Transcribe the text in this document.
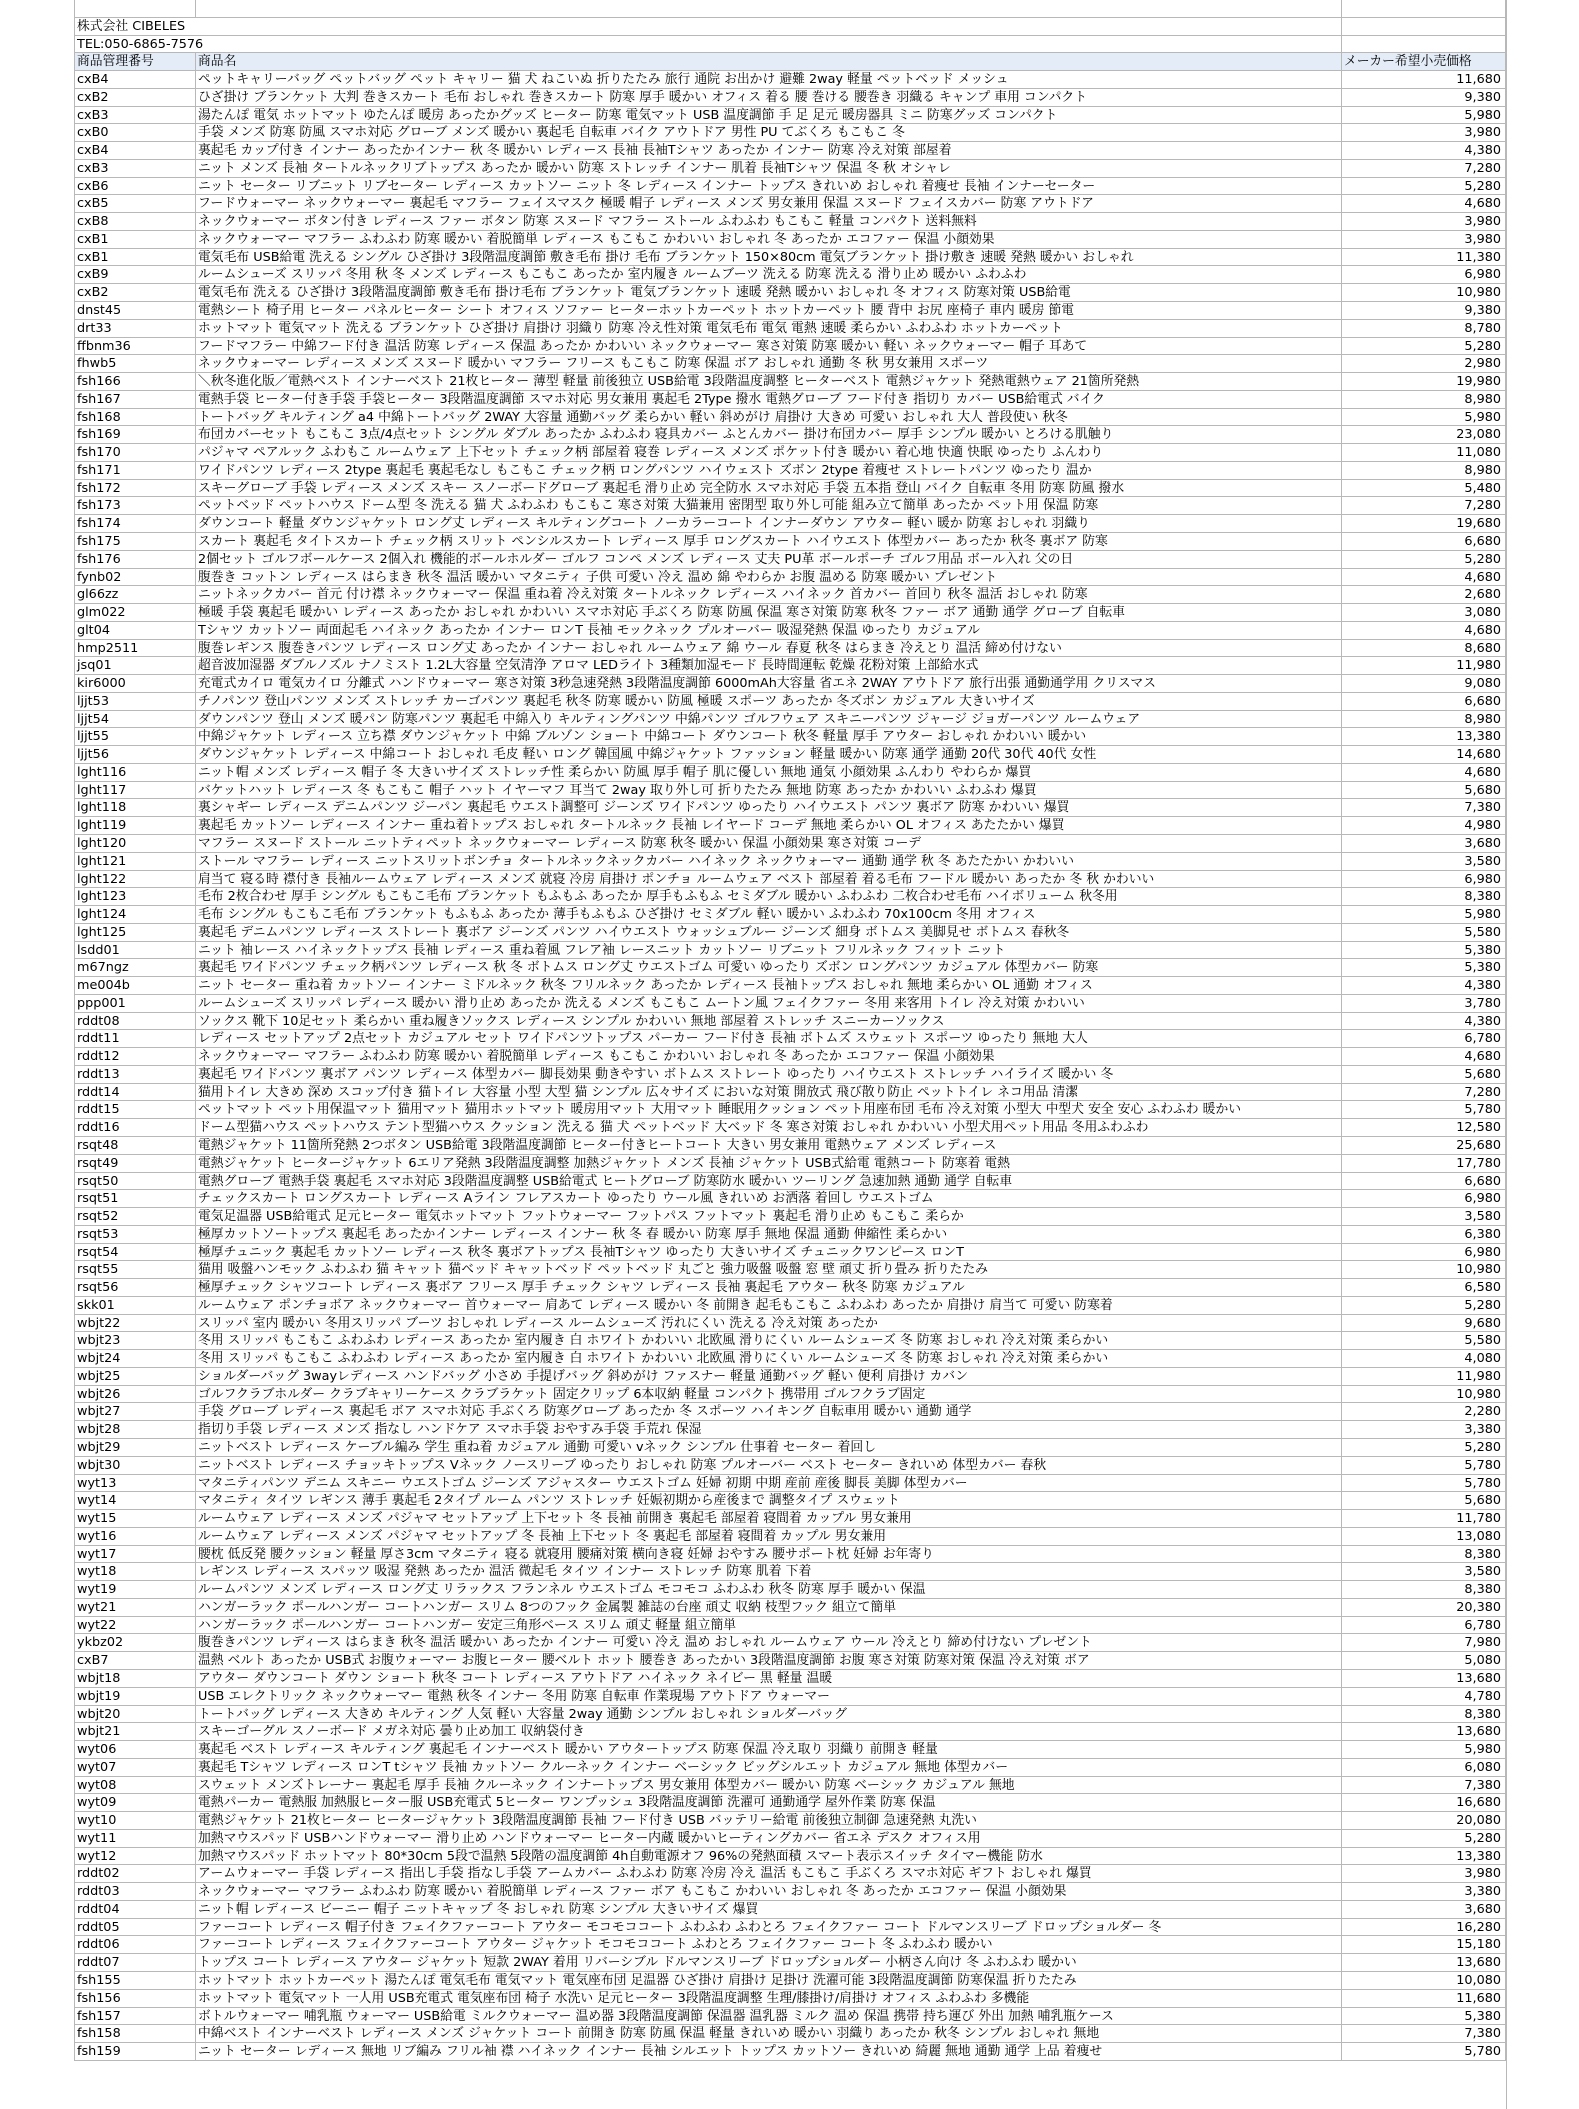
株式会社 CIBELES
TEL:050-6865-7576
商品管理番号	商品名	メーカー希望小売価格
cxB4	ペットキャリーバッグ ペットバッグ ペット キャリー 猫 犬 ねこいぬ 折りたたみ 旅行 通院 お出かけ 避難 2way 軽量 ペットベッド メッシュ	11,680
cxB2	ひざ掛け ブランケット 大判 巻きスカート 毛布 おしゃれ 巻きスカート 防寒 厚手 暖かい オフィス 着る 腰 巻ける 腰巻き 羽織る キャンプ 車用 コンパクト	9,380
cxB3	湯たんぽ 電気 ホットマット ゆたんぽ 暖房 あったかグッズ ヒーター 防寒 電気マット USB 温度調節 手 足 足元 暖房器具 ミニ 防寒グッズ コンパクト	5,980
cxB0	手袋 メンズ 防寒 防風 スマホ対応 グローブ メンズ 暖かい 裏起毛 自転車 バイク アウトドア 男性 PU てぶくろ もこもこ 冬	3,980
cxB4	裏起毛 カップ付き インナー あったかインナー 秋 冬 暖かい レディース 長袖 長袖Tシャツ あったか インナー 防寒 冷え対策 部屋着	4,380
cxB3	ニット メンズ 長袖 タートルネックリブトップス あったか 暖かい 防寒 ストレッチ インナー 肌着 長袖Tシャツ 保温 冬 秋 オシャレ	7,280
cxB6	ニット セーター リブニット リブセーター レディース カットソー ニット 冬 レディース インナー トップス きれいめ おしゃれ 着痩せ 長袖 インナーセーター	5,280
cxB5	フードウォーマー ネックウォーマー 裏起毛 マフラー フェイスマスク 極暖 帽子 レディース メンズ 男女兼用 保温 スヌード フェイスカバー 防寒 アウトドア	4,680
cxB8	ネックウォーマー ボタン付き レディース ファー ボタン 防寒 スヌード マフラー ストール ふわふわ もこもこ 軽量 コンパクト 送料無料	3,980
cxB1	ネックウォーマー マフラー ふわふわ 防寒 暖かい 着脱簡単 レディース もこもこ かわいい おしゃれ 冬 あったか エコファー 保温 小顔効果	3,980
cxB1	電気毛布 USB給電 洗える シングル ひざ掛け 3段階温度調節 敷き毛布 掛け 毛布 ブランケット 150×80cm 電気ブランケット 掛け敷き 速暖 発熱 暖かい おしゃれ	11,380
cxB9	ルームシューズ スリッパ 冬用 秋 冬 メンズ レディース もこもこ あったか 室内履き ルームブーツ 洗える 防寒 洗える 滑り止め 暖かい ふわふわ	6,980
cxB2	電気毛布 洗える ひざ掛け 3段階温度調節 敷き毛布 掛け毛布 ブランケット 電気ブランケット 速暖 発熱 暖かい おしゃれ 冬 オフィス 防寒対策 USB給電	10,980
dnst45	電熱シート 椅子用 ヒーター パネルヒーター シート オフィス ソファー ヒーターホットカーペット ホットカーペット 腰 背中 お尻 座椅子 車内 暖房 節電	9,380
drt33	ホットマット 電気マット 洗える ブランケット ひざ掛け 肩掛け 羽織り 防寒 冷え性対策 電気毛布 電気 電熱 速暖 柔らかい ふわふわ ホットカーペット	8,780
ffbnm36	フードマフラー 中綿フード付き 温活 防寒 レディース 保温 あったか かわいい ネックウォーマー 寒さ対策 防寒 暖かい 軽い ネックウォーマー 帽子 耳あて	5,280
fhwb5	ネックウォーマー レディース メンズ スヌード 暖かい マフラー フリース もこもこ 防寒 保温 ボア おしゃれ 通勤 冬 秋 男女兼用 スポーツ	2,980
fsh166	＼秋冬進化版／電熱ベスト インナーベスト 21枚ヒーター 薄型 軽量 前後独立 USB給電 3段階温度調整 ヒーターベスト 電熱ジャケット 発熱電熱ウェア 21箇所発熱	19,980
fsh167	電熱手袋 ヒーター付き手袋 手袋ヒーター 3段階温度調節 スマホ対応 男女兼用 裏起毛 2Type 撥水 電熱グローブ フード付き 指切り カバー USB給電式 バイク	8,980
fsh168	トートバッグ キルティング a4 中綿トートバッグ 2WAY 大容量 通勤バッグ 柔らかい 軽い 斜めがけ 肩掛け 大きめ 可愛い おしゃれ 大人 普段使い 秋冬	5,980
fsh169	布団カバーセット もこもこ 3点/4点セット シングル ダブル あったか ふわふわ 寝具カバー ふとんカバー 掛け布団カバー 厚手 シンプル 暖かい とろける肌触り	23,080
fsh170	パジャマ ペアルック ふわもこ ルームウェア 上下セット チェック柄 部屋着 寝巻 レディース メンズ ポケット付き 暖かい 着心地 快適 快眠 ゆったり ふんわり	11,080
fsh171	ワイドパンツ レディース 2type 裏起毛 裏起毛なし もこもこ チェック柄 ロングパンツ ハイウェスト ズボン 2type 着痩せ ストレートパンツ ゆったり 温か	8,980
fsh172	スキーグローブ 手袋 レディース メンズ スキー スノーボードグローブ 裏起毛 滑り止め 完全防水 スマホ対応 手袋 五本指 登山 バイク 自転車 冬用 防寒 防風 撥水	5,480
fsh173	ペットベッド ペットハウス ドーム型 冬 洗える 猫 犬 ふわふわ もこもこ 寒さ対策 大猫兼用 密閉型 取り外し可能 組み立て簡単 あったか ペット用 保温 防寒	7,280
fsh174	ダウンコート 軽量 ダウンジャケット ロング丈 レディース キルティングコート ノーカラーコート インナーダウン アウター 軽い 暖か 防寒 おしゃれ 羽織り	19,680
fsh175	スカート 裏起毛 タイトスカート チェック柄 スリット ペンシルスカート レディース 厚手 ロングスカート ハイウエスト 体型カバー あったか 秋冬 裏ボア 防寒	6,680
fsh176	2個セット ゴルフボールケース 2個入れ 機能的ボールホルダー ゴルフ コンペ メンズ レディース 丈夫 PU革 ボールポーチ ゴルフ用品 ボール入れ 父の日	5,280
fynb02	腹巻き コットン レディース はらまき 秋冬 温活 暖かい マタニティ 子供 可愛い 冷え 温め 綿 やわらか お腹 温める 防寒 暖かい プレゼント	4,680
gl66zz	ニットネックカバー 首元 付け襟 ネックウォーマー 保温 重ね着 冷え対策 タートルネック レディース ハイネック 首カバー 首回り 秋冬 温活 おしゃれ 防寒	2,680
glm022	極暖 手袋 裏起毛 暖かい レディース あったか おしゃれ かわいい スマホ対応 手ぶくろ 防寒 防風 保温 寒さ対策 防寒 秋冬 ファー ボア 通勤 通学 グローブ 自転車	3,080
glt04	Tシャツ カットソー 両面起毛 ハイネック あったか インナー ロンT 長袖 モックネック プルオーバー 吸湿発熱 保温 ゆったり カジュアル	4,680
hmp2511	腹巻レギンス 腹巻きパンツ レディース ロング丈 あったか インナー おしゃれ ルームウェア 綿 ウール 春夏 秋冬 はらまき 冷えとり 温活 締め付けない	8,680
jsq01	超音波加湿器 ダブルノズル ナノミスト 1.2L大容量 空気清浄 アロマ LEDライト 3種類加湿モード 長時間運転 乾燥 花粉対策 上部給水式	11,980
kir6000	充電式カイロ 電気カイロ 分離式 ハンドウォーマー 寒さ対策 3秒急速発熱 3段階温度調節 6000mAh大容量 省エネ 2WAY アウトドア 旅行出張 通勤通学用 クリスマス	9,080
ljjt53	チノパンツ 登山パンツ メンズ ストレッチ カーゴパンツ 裏起毛 秋冬 防寒 暖かい 防風 極暖 スポーツ あったか 冬ズボン カジュアル 大きいサイズ	6,680
ljjt54	ダウンパンツ 登山 メンズ 暖パン 防寒パンツ 裏起毛 中綿入り キルティングパンツ 中綿パンツ ゴルフウェア スキニーパンツ ジャージ ジョガーパンツ ルームウェア	8,980
ljjt55	中綿ジャケット レディース 立ち襟 ダウンジャケット 中綿 ブルゾン ショート 中綿コート ダウンコート 秋冬 軽量 厚手 アウター おしゃれ かわいい 暖かい	13,380
ljjt56	ダウンジャケット レディース 中綿コート おしゃれ 毛皮 軽い ロング 韓国風 中綿ジャケット ファッション 軽量 暖かい 防寒 通学 通勤 20代 30代 40代 女性	14,680
lght116	ニット帽 メンズ レディース 帽子 冬 大きいサイズ ストレッチ性 柔らかい 防風 厚手 帽子 肌に優しい 無地 通気 小顔効果 ふんわり やわらか 爆買	4,680
lght117	バケットハット レディース 冬 もこもこ 帽子 ハット イヤーマフ 耳当て 2way 取り外し可 折りたたみ 無地 防寒 あったか かわいい ふわふわ 爆買	5,680
lght118	裏シャギー レディース デニムパンツ ジーパン 裏起毛 ウエスト調整可 ジーンズ ワイドパンツ ゆったり ハイウエスト パンツ 裏ボア 防寒 かわいい 爆買	7,380
lght119	裏起毛 カットソー レディース インナー 重ね着トップス おしゃれ タートルネック 長袖 レイヤード コーデ 無地 柔らかい OL オフィス あたたかい 爆買	4,980
lght120	マフラー スヌード ストール ニットティペット ネックウォーマー レディース 防寒 秋冬 暖かい 保温 小顔効果 寒さ対策 コーデ	3,680
lght121	ストール マフラー レディース ニットスリットボンチョ タートルネックネックカバー ハイネック ネックウォーマー 通勤 通学 秋 冬 あたたかい かわいい	3,580
lght122	肩当て 寝る時 襟付き 長袖ルームウェア レディース メンズ 就寝 冷房 肩掛け ポンチョ ルームウェア ベスト 部屋着 着る毛布 フードル 暖かい あったか 冬 秋 かわいい	6,980
lght123	毛布 2枚合わせ 厚手 シングル もこもこ毛布 ブランケット もふもふ あったか 厚手もふもふ セミダブル 暖かい ふわふわ 二枚合わせ毛布 ハイボリューム 秋冬用	8,380
lght124	毛布 シングル もこもこ毛布 ブランケット もふもふ あったか 薄手もふもふ ひざ掛け セミダブル 軽い 暖かい ふわふわ 70x100cm 冬用 オフィス	5,980
lght125	裏起毛 デニムパンツ レディース ストレート 裏ボア ジーンズ パンツ ハイウエスト ウォッシュブルー ジーンズ 細身 ボトムス 美脚見せ ボトムス 春秋冬	5,580
lsdd01	ニット 袖レース ハイネックトップス 長袖 レディース 重ね着風 フレア袖 レースニット カットソー リブニット フリルネック フィット ニット	5,380
m67ngz	裏起毛 ワイドパンツ チェック柄パンツ レディース 秋 冬 ボトムス ロング丈 ウエストゴム 可愛い ゆったり ズボン ロングパンツ カジュアル 体型カバー 防寒	5,380
me004b	ニット セーター 重ね着 カットソー インナー ミドルネック 秋冬 フリルネック あったか レディース 長袖トップス おしゃれ 無地 柔らかい OL 通勤 オフィス	4,380
ppp001	ルームシューズ スリッパ レディース 暖かい 滑り止め あったか 洗える メンズ もこもこ ムートン風 フェイクファー 冬用 来客用 トイレ 冷え対策 かわいい	3,780
rddt08	ソックス 靴下 10足セット 柔らかい 重ね履きソックス レディース シンプル かわいい 無地 部屋着 ストレッチ スニーカーソックス	4,380
rddt11	レディース セットアップ 2点セット カジュアル セット ワイドパンツトップス パーカー フード付き 長袖 ボトムズ スウェット スポーツ ゆったり 無地 大人	6,780
rddt12	ネックウォーマー マフラー ふわふわ 防寒 暖かい 着脱簡単 レディース もこもこ かわいい おしゃれ 冬 あったか エコファー 保温 小顔効果	4,680
rddt13	裏起毛 ワイドパンツ 裏ボア パンツ レディース 体型カバー 脚長効果 動きやすい ボトムス ストレート ゆったり ハイウエスト ストレッチ ハイライズ 暖かい 冬	5,680
rddt14	猫用トイレ 大きめ 深め スコップ付き 猫トイレ 大容量 小型 大型 猫 シンプル 広々サイズ においな対策 開放式 飛び散り防止 ペットトイレ ネコ用品 清潔	7,280
rddt15	ペットマット ペット用保温マット 猫用マット 猫用ホットマット 暖房用マット 大用マット 睡眠用クッション ペット用座布団 毛布 冷え対策 小型大 中型犬 安全 安心 ふわふわ 暖かい	5,780
rddt16	ドーム型猫ハウス ペットハウス テント型猫ハウス クッション 洗える 猫 犬 ペットベッド 大ベッド 冬 寒さ対策 おしゃれ かわいい 小型犬用ペット用品 冬用ふわふわ	12,580
rsqt48	電熱ジャケット 11箇所発熱 2つボタン USB給電 3段階温度調節 ヒーター付きヒートコート 大きい 男女兼用 電熱ウェア メンズ レディース	25,680
rsqt49	電熱ジャケット ヒータージャケット 6エリア発熱 3段階温度調整 加熱ジャケット メンズ 長袖 ジャケット USB式給電 電熱コート 防寒着 電熱	17,780
rsqt50	電熱グローブ 電熱手袋 裏起毛 スマホ対応 3段階温度調整 USB給電式 ヒートグローブ 防寒防水 暖かい ツーリング 急速加熱 通勤 通学 自転車	6,680
rsqt51	チェックスカート ロングスカート レディース Aライン フレアスカート ゆったり ウール風 きれいめ お洒落 着回し ウエストゴム	6,980
rsqt52	電気足温器 USB給電式 足元ヒーター 電気ホットマット フットウォーマー フットパス フットマット 裏起毛 滑り止め もこもこ 柔らか	3,580
rsqt53	極厚カットソートップス 裏起毛 あったかインナー レディース インナー 秋 冬 春 暖かい 防寒 厚手 無地 保温 通勤 伸縮性 柔らかい	6,380
rsqt54	極厚チュニック 裏起毛 カットソー レディース 秋冬 裏ボアトップス 長袖Tシャツ ゆったり 大きいサイズ チュニックワンピース ロンT	6,980
rsqt55	猫用 吸盤ハンモック ふわふわ 猫 キャット 猫ベッド キャットベッド ペットベッド 丸ごと 強力吸盤 吸盤 窓 壁 頑丈 折り畳み 折りたたみ	10,980
rsqt56	極厚チェック シャツコート レディース 裏ボア フリース 厚手 チェック シャツ レディース 長袖 裏起毛 アウター 秋冬 防寒 カジュアル	6,580
skk01	ルームウェア ポンチョボア ネックウォーマー 首ウォーマー 肩あて レディース 暖かい 冬 前開き 起毛もこもこ ふわふわ あったか 肩掛け 肩当て 可愛い 防寒着	5,280
wbjt22	スリッパ 室内 暖かい 冬用スリッパ ブーツ おしゃれ レディース ルームシューズ 汚れにくい 洗える 冷え対策 あったか	9,680
wbjt23	冬用 スリッパ もこもこ ふわふわ レディース あったか 室内履き 白 ホワイト かわいい 北欧風 滑りにくい ルームシューズ 冬 防寒 おしゃれ 冷え対策 柔らかい	5,580
wbjt24	冬用 スリッパ もこもこ ふわふわ レディース あったか 室内履き 白 ホワイト かわいい 北欧風 滑りにくい ルームシューズ 冬 防寒 おしゃれ 冷え対策 柔らかい	4,080
wbjt25	ショルダーバッグ 3wayレディース ハンドバッグ 小さめ 手提げバッグ 斜めがけ ファスナー 軽量 通勤バッグ 軽い 便利 肩掛け カバン	11,980
wbjt26	ゴルフクラブホルダー クラブキャリーケース クラブラケット 固定クリップ 6本収納 軽量 コンパクト 携帯用 ゴルフクラブ固定	10,980
wbjt27	手袋 グローブ レディース 裏起毛 ボア スマホ対応 手ぶくろ 防寒グローブ あったか 冬 スポーツ ハイキング 自転車用 暖かい 通勤 通学	2,280
wbjt28	指切り手袋 レディース メンズ 指なし ハンドケア スマホ手袋 おやすみ手袋 手荒れ 保湿	3,380
wbjt29	ニットベスト レディース ケーブル編み 学生 重ね着 カジュアル 通勤 可愛い vネック シンプル 仕事着 セーター 着回し	5,280
wbjt30	ニットベスト レディース チョッキトップス Vネック ノースリーブ ゆったり おしゃれ 防寒 プルオーバー ベスト セーター きれいめ 体型カバー 春秋	5,780
wyt13	マタニティパンツ デニム スキニー ウエストゴム ジーンズ アジャスター ウエストゴム 妊婦 初期 中期 産前 産後 脚長 美脚 体型カバー	5,780
wyt14	マタニティ タイツ レギンス 薄手 裏起毛 2タイプ ルーム パンツ ストレッチ 妊娠初期から産後まで 調整タイプ スウェット	5,680
wyt15	ルームウェア レディース メンズ パジャマ セットアップ 上下セット 冬 長袖 前開き 裏起毛 部屋着 寝間着 カップル 男女兼用	11,780
wyt16	ルームウェア レディース メンズ パジャマ セットアップ 冬 長袖 上下セット 冬 裏起毛 部屋着 寝間着 カップル 男女兼用	13,080
wyt17	腰枕 低反発 腰クッション 軽量 厚さ3cm マタニティ 寝る 就寝用 腰痛対策 横向き寝 妊婦 おやすみ 腰サポート枕 妊婦 お年寄り	8,380
wyt18	レギンス レディース スパッツ 吸湿 発熱 あったか 温活 微起毛 タイツ インナー ストレッチ 防寒 肌着 下着	3,580
wyt19	ルームパンツ メンズ レディース ロング丈 リラックス フランネル ウエストゴム モコモコ ふわふわ 秋冬 防寒 厚手 暖かい 保温	8,380
wyt21	ハンガーラック ポールハンガー コートハンガー スリム 8つのフック 金属製 雑誌の台座 頑丈 収納 枝型フック 組立て簡単	20,380
wyt22	ハンガーラック ポールハンガー コートハンガー 安定三角形ベース スリム 頑丈 軽量 組立簡単	6,780
ykbz02	腹巻きパンツ レディース はらまき 秋冬 温活 暖かい あったか インナー 可愛い 冷え 温め おしゃれ ルームウェア ウール 冷えとり 締め付けない プレゼント	7,980
cxB7	温熱 ベルト あったか USB式 お腹ウォーマー お腹ヒーター 腰ベルト ホット 腰巻き あったかい 3段階温度調節 お腹 寒さ対策 防寒対策 保温 冷え対策 ボア	5,080
wbjt18	アウター ダウンコート ダウン ショート 秋冬 コート レディース アウトドア ハイネック ネイビー 黒 軽量 温暖	13,680
wbjt19	USB エレクトリック ネックウォーマー 電熱 秋冬 インナー 冬用 防寒 自転車 作業現場 アウトドア ウォーマー	4,780
wbjt20	トートバッグ レディース 大きめ キルティング 人気 軽い 大容量 2way 通勤 シンプル おしゃれ ショルダーバッグ	8,380
wbjt21	スキーゴーグル スノーボード メガネ対応 曇り止め加工 収納袋付き	13,680
wyt06	裏起毛 ベスト レディース キルティング 裏起毛 インナーベスト 暖かい アウタートップス 防寒 保温 冷え取り 羽織り 前開き 軽量	5,980
wyt07	裏起毛 Tシャツ レディース ロンT tシャツ 長袖 カットソー クルーネック インナー ベーシック ビッグシルエット カジュアル 無地 体型カバー	6,080
wyt08	スウェット メンズトレーナー 裏起毛 厚手 長袖 クルーネック インナートップス 男女兼用 体型カバー 暖かい 防寒 ベーシック カジュアル 無地	7,380
wyt09	電熱パーカー 電熱服 加熱服ヒーター服 USB充電式 5ヒーター ワンプッシュ 3段階温度調節 洗濯可 通勤通学 屋外作業 防寒 保温	16,680
wyt10	電熱ジャケット 21枚ヒーター ヒータージャケット 3段階温度調節 長袖 フード付き USB バッテリー給電 前後独立制御 急速発熱 丸洗い	20,080
wyt11	加熱マウスパッド USBハンドウォーマー 滑り止め ハンドウォーマー ヒーター内蔵 暖かいヒーティングカバー 省エネ デスク オフィス用	5,280
wyt12	加熱マウスパッド ホットマット 80*30cm 5段で温熱 5段階の温度調節 4h自動電源オフ 96%の発熱面積 スマート表示スイッチ タイマー機能 防水	13,380
rddt02	アームウォーマー 手袋 レディース 指出し手袋 指なし手袋 アームカバー ふわふわ 防寒 冷房 冷え 温活 もこもこ 手ぶくろ スマホ対応 ギフト おしゃれ 爆買	3,980
rddt03	ネックウォーマー マフラー ふわふわ 防寒 暖かい 着脱簡単 レディース ファー ボア もこもこ かわいい おしゃれ 冬 あったか エコファー 保温 小顔効果	3,380
rddt04	ニット帽 レディース ビーニー 帽子 ニットキャップ 冬 おしゃれ 防寒 シンプル 大きいサイズ 爆買	3,680
rddt05	ファーコート レディース 帽子付き フェイクファーコート アウター モコモココート ふわふわ ふわとろ フェイクファー コート ドルマンスリーブ ドロップショルダー 冬	16,280
rddt06	ファーコート レディース フェイクファーコート アウター ジャケット モコモココート ふわとろ フェイクファー コート 冬 ふわふわ 暖かい	15,180
rddt07	トップス コート レディース アウター ジャケット 短款 2WAY 着用 リバーシブル ドルマンスリーブ ドロップショルダー 小柄さん向け 冬 ふわふわ 暖かい	13,680
fsh155	ホットマット ホットカーペット 湯たんぽ 電気毛布 電気マット 電気座布団 足温器 ひざ掛け 肩掛け 足掛け 洗濯可能 3段階温度調節 防寒保温 折りたたみ	10,080
fsh156	ホットマット 電気マット 一人用 USB充電式 電気座布団 椅子 水洗い 足元ヒーター 3段階温度調整 生理/膝掛け/肩掛け オフィス ふわふわ 多機能	11,680
fsh157	ボトルウォーマー 哺乳瓶 ウォーマー USB給電 ミルクウォーマー 温め器 3段階温度調節 保温器 温乳器 ミルク 温め 保温 携帯 持ち運び 外出 加熱 哺乳瓶ケース	5,380
fsh158	中綿ベスト インナーベスト レディース メンズ ジャケット コート 前開き 防寒 防風 保温 軽量 きれいめ 暖かい 羽織り あったか 秋冬 シンプル おしゃれ 無地	7,380
fsh159	ニット セーター レディース 無地 リブ編み フリル袖 襟 ハイネック インナー 長袖 シルエット トップス カットソー きれいめ 綺麗 無地 通勤 通学 上品 着痩せ	5,780
